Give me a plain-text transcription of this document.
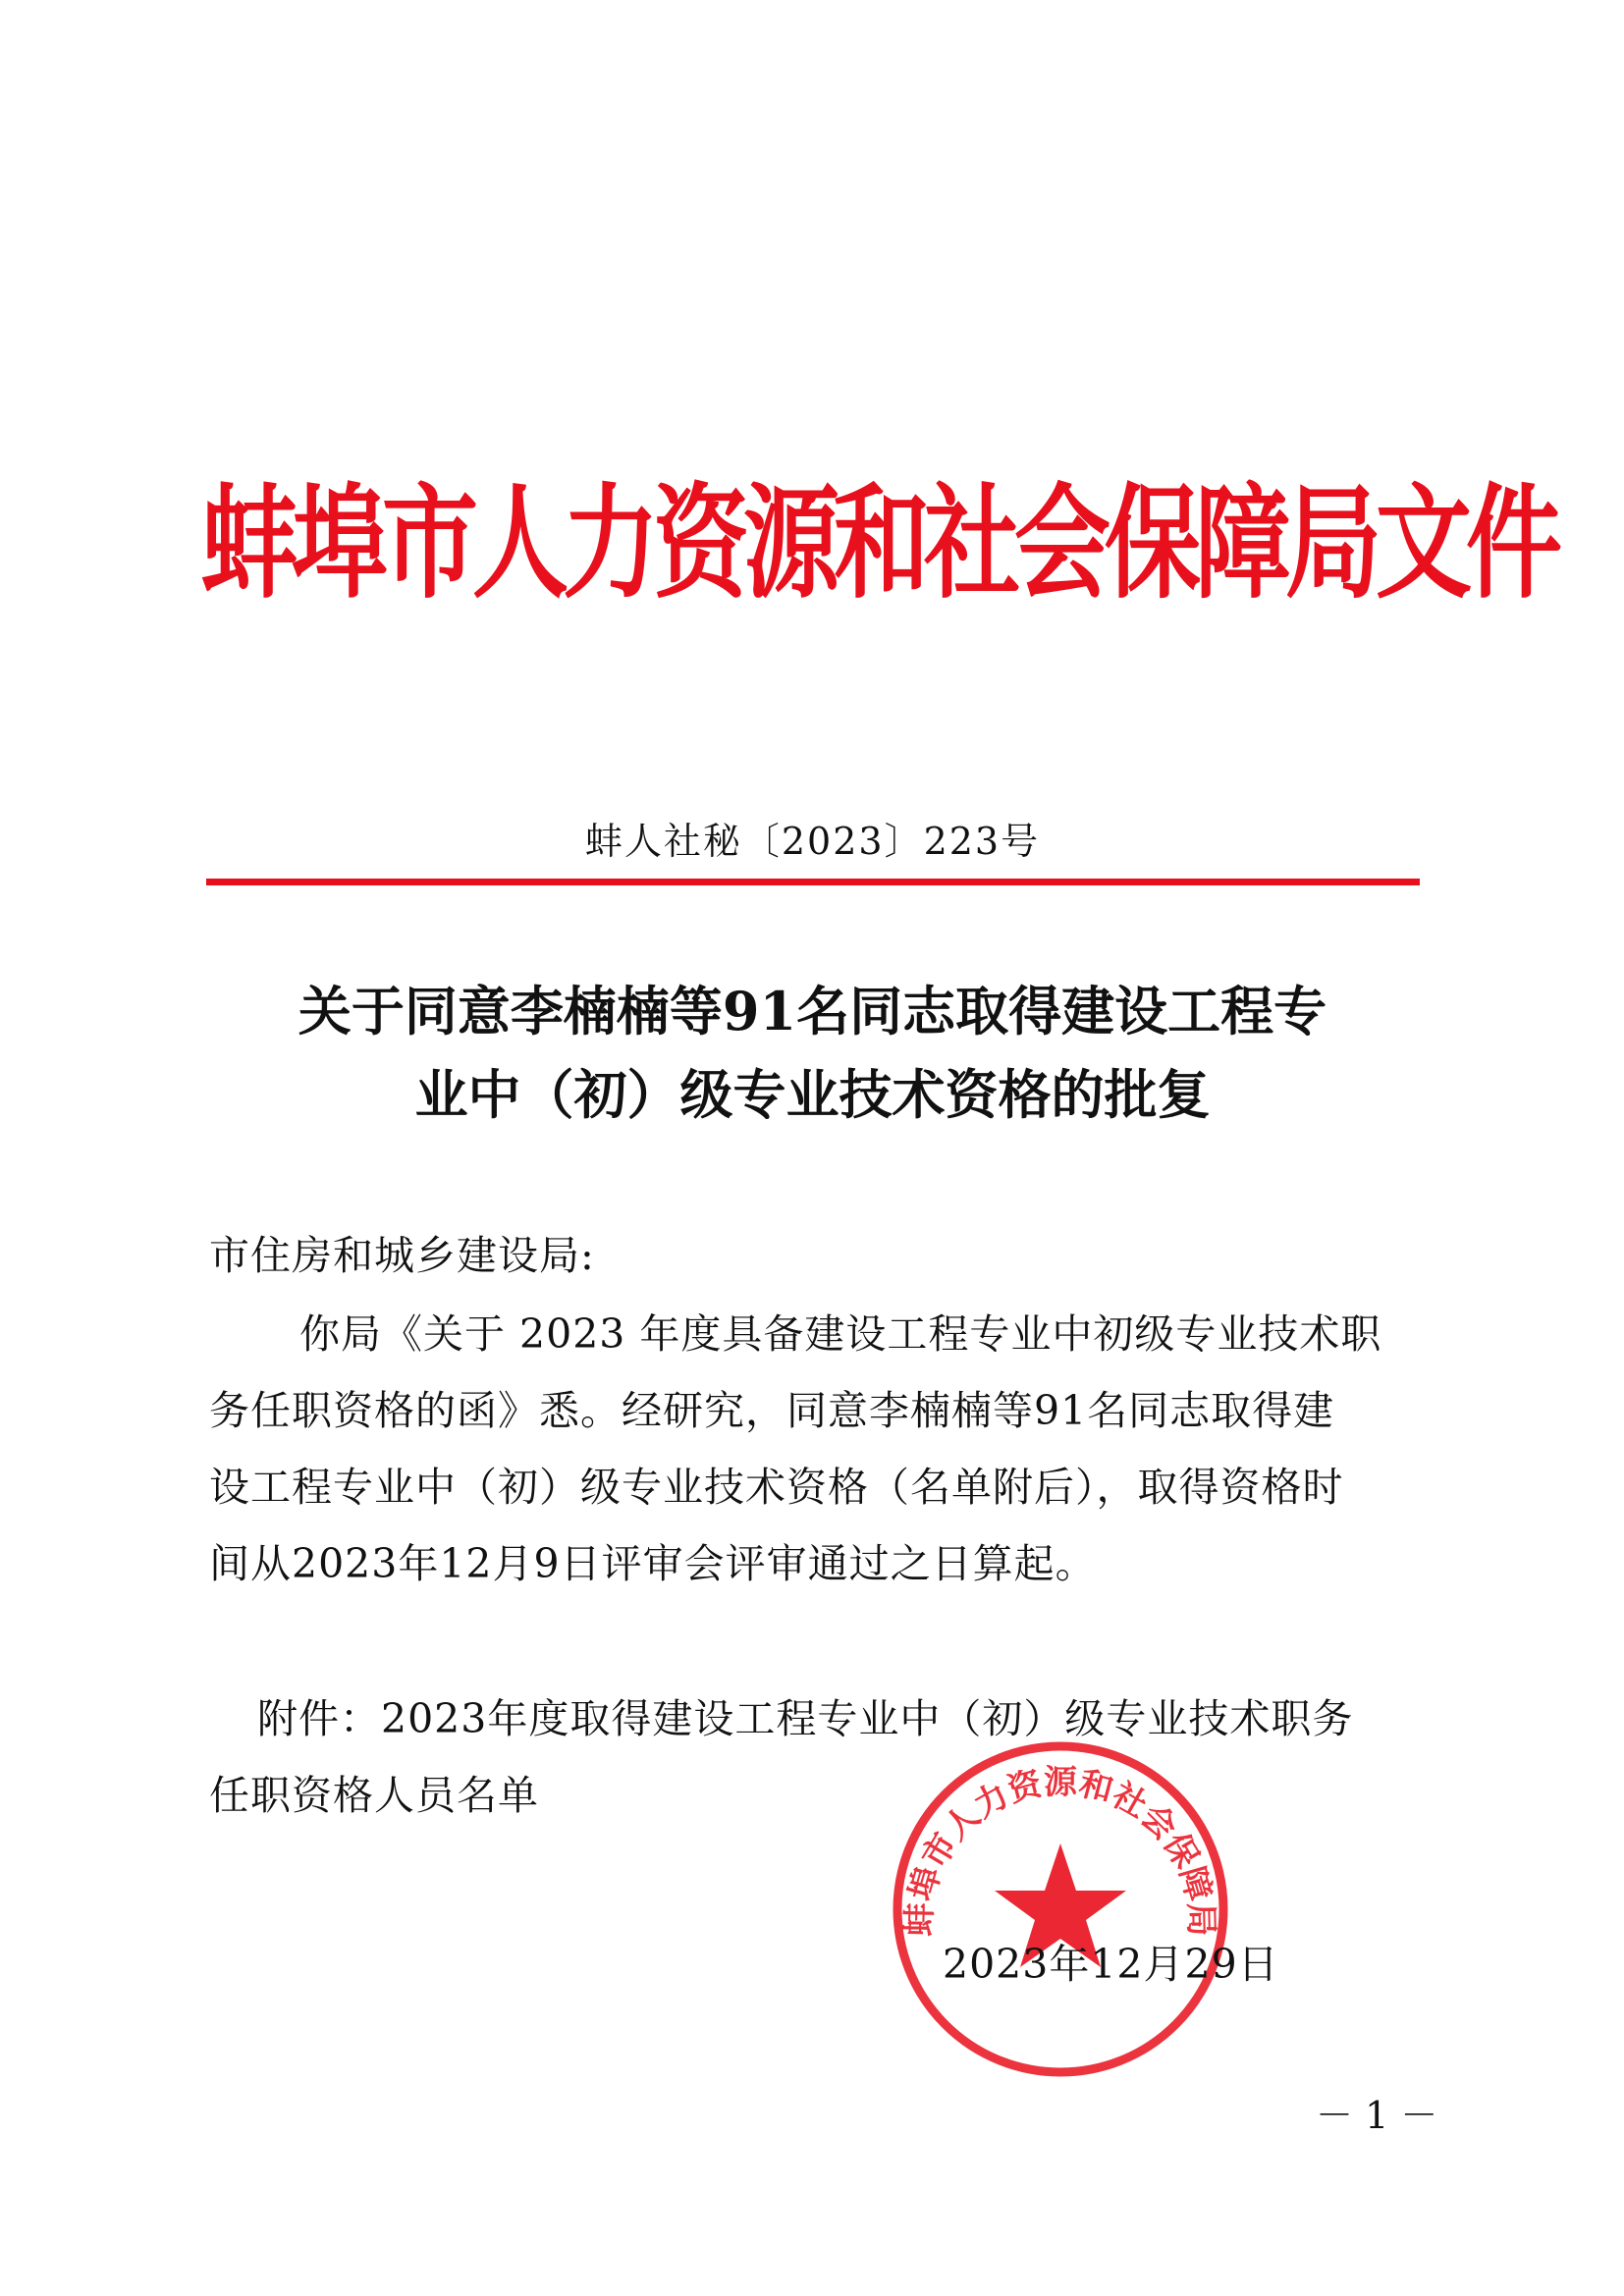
蚌埠市人力资源和社会保障局文件
蚌人社秘〔2023〕223号
关于同意李楠楠等91名同志取得建设工程专
业中（初）级专业技术资格的批复
市住房和城乡建设局:
你局《关于 2023 年度具备建设工程专业中初级专业技术职
务任职资格的函》悉。经研究，同意李楠楠等91名同志取得建
设工程专业中（初）级专业技术资格（名单附后），取得资格时
间从2023年12月9日评审会评审通过之日算起。
附件：2023年度取得建设工程专业中（初）级专业技术职务
任职资格人员名单
蚌埠市人力资源和社会保障局
2023年12月29日
－ 1 －
